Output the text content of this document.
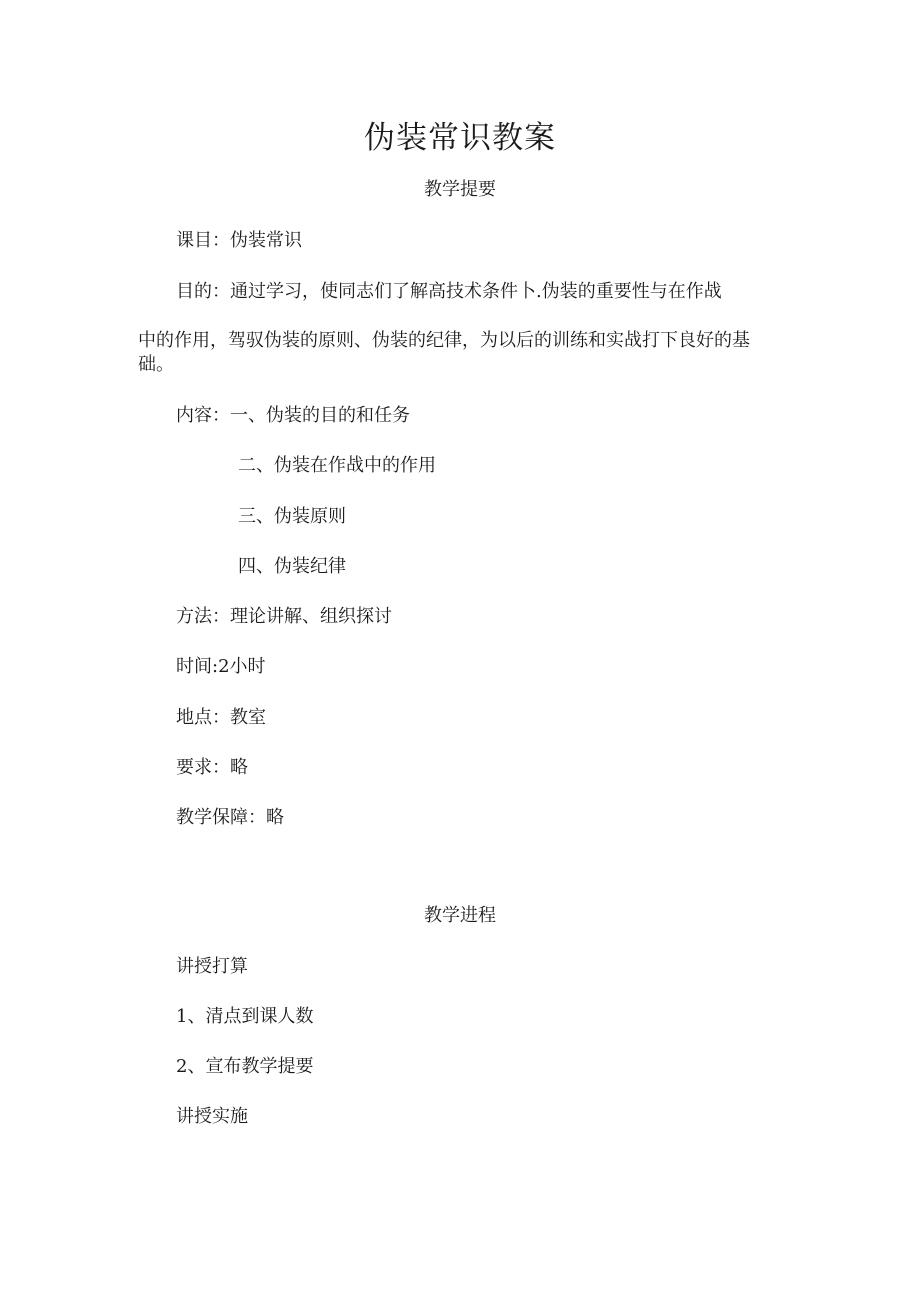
伪装常识教案
教学提要

课目：伪装常识

目的：通过学习，使同志们了解高技术条件卜.伪装的重要性与在作战

中的作用，驾驭伪装的原则、伪装的纪律，为以后的训练和实战打下良好的基

础。

内容：一、伪装的目的和任务

二、伪装在作战中的作用

三、伪装原则

四、伪装纪律

方法：理论讲解、组织探讨

时间:2小时

地点：教室

要求：略

教学保障：略

教学进程

讲授打算

1、清点到课人数

2、宣布教学提要

讲授实施
